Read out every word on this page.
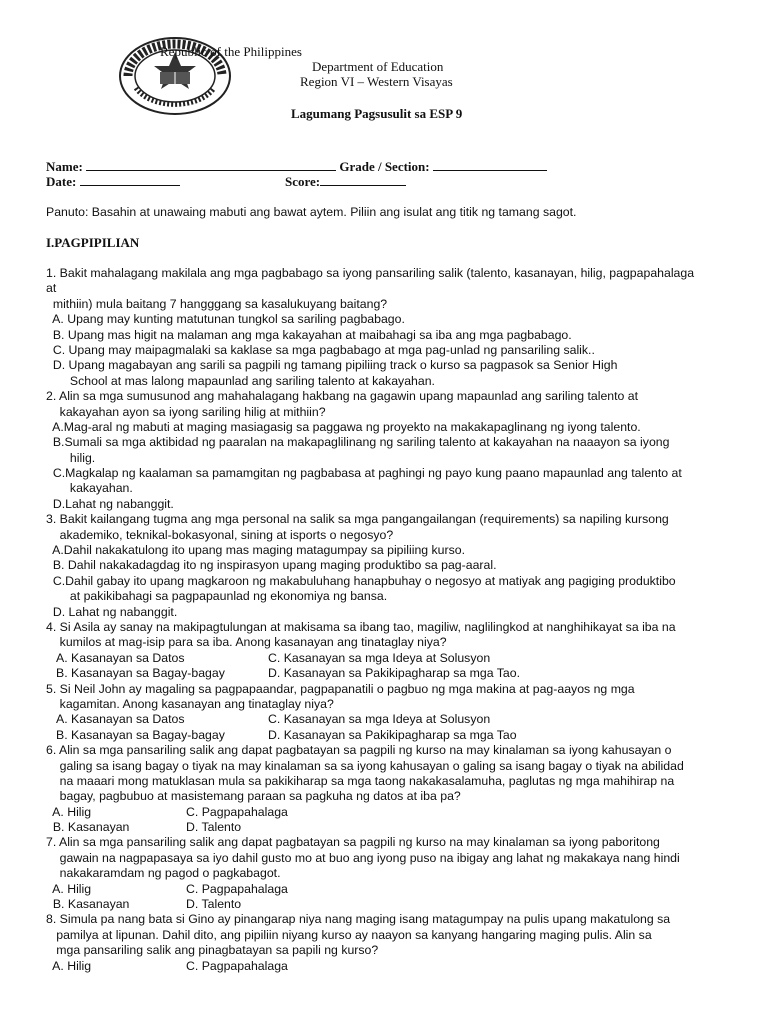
Republic of the Philippines
Department of Education
Region VI – Western Visayas
Lagumang Pagsusulit sa ESP 9
Name:	Grade / Section:
Date:	Score:
Panuto: Basahin at unawaing mabuti ang bawat aytem. Piliin ang isulat ang titik ng tamang sagot.
I.PAGPIPILIAN
1. Bakit mahalagang makilala ang mga pagbabago sa iyong pansariling salik (talento, kasanayan, hilig, pagpapahalaga
at
mithiin) mula baitang 7 hangggang sa kasalukuyang baitang?
A. Upang may kunting matutunan tungkol sa sariling pagbabago.
B. Upang mas higit na malaman ang mga kakayahan at maibahagi sa iba ang mga pagbabago.
C. Upang may maipagmalaki sa kaklase sa mga pagbabago at mga pag-unlad ng pansariling salik..
D. Upang magabayan ang sarili sa pagpili ng tamang pipiliing track o kurso sa pagpasok sa Senior High
School at mas lalong mapaunlad ang sariling talento at kakayahan.
2. Alin sa mga sumusunod ang mahahalagang hakbang na gagawin upang mapaunlad ang sariling talento at
kakayahan ayon sa iyong sariling hilig at mithiin?
A.Mag-aral ng mabuti at maging masiagasig sa paggawa ng proyekto na makakapaglinang ng iyong talento.
B.Sumali sa mga aktibidad ng paaralan na makapaglilinang ng sariling talento at kakayahan na naaayon sa iyong
hilig.
C.Magkalap ng kaalaman sa pamamgitan ng pagbabasa at paghingi ng payo kung paano mapaunlad ang talento at
kakayahan.
D.Lahat ng nabanggit.
3. Bakit kailangang tugma ang mga personal na salik sa mga pangangailangan (requirements) sa napiling kursong
akademiko, teknikal-bokasyonal, sining at isports o negosyo?
A.Dahil nakakatulong ito upang mas maging matagumpay sa pipiliing kurso.
B. Dahil nakakadagdag ito ng inspirasyon upang maging produktibo sa pag-aaral.
C.Dahil gabay ito upang magkaroon ng makabuluhang hanapbuhay o negosyo at matiyak ang pagiging produktibo
at pakikibahagi sa pagpapaunlad ng ekonomiya ng bansa.
D. Lahat ng nabanggit.
4. Si Asila ay sanay na makipagtulungan at makisama sa ibang tao, magiliw, naglilingkod at nanghihikayat sa iba na
kumilos at mag-isip para sa iba. Anong kasanayan ang tinataglay niya?
A. Kasanayan sa Datos	C. Kasanayan sa mga Ideya at Solusyon
B. Kasanayan sa Bagay-bagay	D. Kasanayan sa Pakikipagharap sa mga Tao.
5. Si Neil John ay magaling sa pagpapaandar, pagpapanatili o pagbuo ng mga makina at pag-aayos ng mga
kagamitan. Anong kasanayan ang tinataglay niya?
A. Kasanayan sa Datos	C. Kasanayan sa mga Ideya at Solusyon
B. Kasanayan sa Bagay-bagay	D. Kasanayan sa Pakikipagharap sa mga Tao
6. Alin sa mga pansariling salik ang dapat pagbatayan sa pagpili ng kurso na may kinalaman sa iyong kahusayan o
galing sa isang bagay o tiyak na may kinalaman sa sa iyong kahusayan o galing sa isang bagay o tiyak na abilidad
na maaari mong matuklasan mula sa pakikiharap sa mga taong nakakasalamuha, paglutas ng mga mahihirap na
bagay, pagbubuo at masistemang paraan sa pagkuha ng datos at iba pa?
A. Hilig	C. Pagpapahalaga
B. Kasanayan	D. Talento
7. Alin sa mga pansariling salik ang dapat pagbatayan sa pagpili ng kurso na may kinalaman sa iyong paboritong
gawain na nagpapasaya sa iyo dahil gusto mo at buo ang iyong puso na ibigay ang lahat ng makakaya nang hindi
nakakaramdam ng pagod o pagkabagot.
A. Hilig	C. Pagpapahalaga
B. Kasanayan	D. Talento
8. Simula pa nang bata si Gino ay pinangarap niya nang maging isang matagumpay na pulis upang makatulong sa
pamilya at lipunan. Dahil dito, ang pipiliin niyang kurso ay naayon sa kanyang hangaring maging pulis. Alin sa
mga pansariling salik ang pinagbatayan sa papili ng kurso?
A. Hilig	C. Pagpapahalaga
